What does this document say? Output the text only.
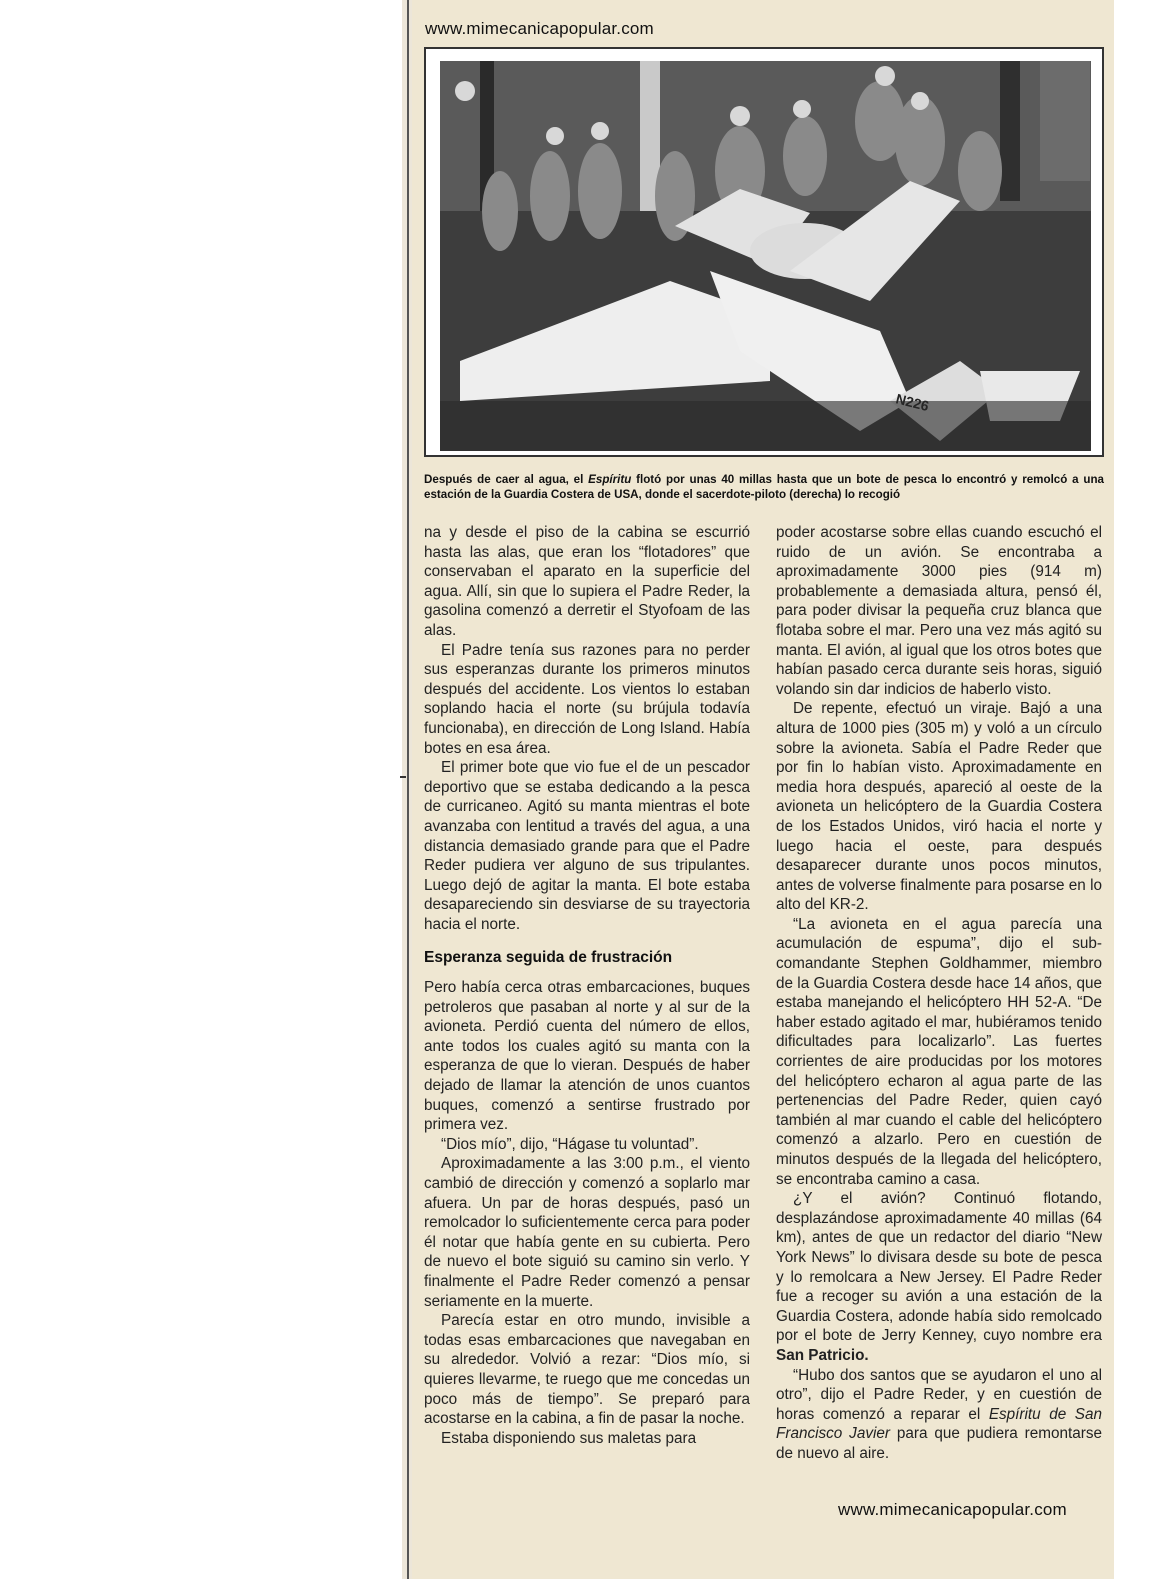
www.mimecanicapopular.com
Después de caer al agua, el Espíritu flotó por unas 40 millas hasta que un bote de pesca lo encontró y remolcó a una estación de la Guardia Costera de USA, donde el sacerdote-piloto (derecha) lo recogió

na y desde el piso de la cabina se escurrió hasta las alas, que eran los “flotadores” que conservaban el aparato en la superficie del agua. Allí, sin que lo supiera el Padre Reder, la gasolina comenzó a derretir el Styofoam de las alas.

El Padre tenía sus razones para no perder sus esperanzas durante los primeros minutos después del accidente. Los vientos lo estaban soplando hacia el norte (su brújula todavía funcionaba), en dirección de Long Island. Había botes en esa área.

El primer bote que vio fue el de un pescador deportivo que se estaba dedicando a la pesca de curricaneo. Agitó su manta mientras el bote avanzaba con lentitud a través del agua, a una distancia demasiado grande para que el Padre Reder pudiera ver alguno de sus tripulantes. Luego dejó de agitar la manta. El bote estaba desapareciendo sin desviarse de su trayectoria hacia el norte.

Esperanza seguida de frustración

Pero había cerca otras embarcaciones, buques petroleros que pasaban al norte y al sur de la avioneta. Perdió cuenta del número de ellos, ante todos los cuales agitó su manta con la esperanza de que lo vieran. Después de haber dejado de llamar la atención de unos cuantos buques, comenzó a sentirse frustrado por primera vez.

“Dios mío”, dijo, “Hágase tu voluntad”.

Aproximadamente a las 3:00 p.m., el viento cambió de dirección y comenzó a soplarlo mar afuera. Un par de horas después, pasó un remolcador lo suficientemente cerca para poder él notar que había gente en su cubierta. Pero de nuevo el bote siguió su camino sin verlo. Y finalmente el Padre Reder comenzó a pensar seriamente en la muerte.

Parecía estar en otro mundo, invisible a todas esas embarcaciones que navegaban en su alrededor. Volvió a rezar: “Dios mío, si quieres llevarme, te ruego que me concedas un poco más de tiempo”. Se preparó para acostarse en la cabina, a fin de pasar la noche.

Estaba disponiendo sus maletas para

poder acostarse sobre ellas cuando escuchó el ruido de un avión. Se encontraba a aproximadamente 3000 pies (914 m) probablemente a demasiada altura, pensó él, para poder divisar la pequeña cruz blanca que flotaba sobre el mar. Pero una vez más agitó su manta. El avión, al igual que los otros botes que habían pasado cerca durante seis horas, siguió volando sin dar indicios de haberlo visto.

De repente, efectuó un viraje. Bajó a una altura de 1000 pies (305 m) y voló a un círculo sobre la avioneta. Sabía el Padre Reder que por fin lo habían visto. Aproximadamente en media hora después, apareció al oeste de la avioneta un helicóptero de la Guardia Costera de los Estados Unidos, viró hacia el norte y luego hacia el oeste, para después desaparecer durante unos pocos minutos, antes de volverse finalmente para posarse en lo alto del KR-2.

“La avioneta en el agua parecía una acumulación de espuma”, dijo el sub-comandante Stephen Goldhammer, miembro de la Guardia Costera desde hace 14 años, que estaba manejando el helicóptero HH 52-A. “De haber estado agitado el mar, hubiéramos tenido dificultades para localizarlo”. Las fuertes corrientes de aire producidas por los motores del helicóptero echaron al agua parte de las pertenencias del Padre Reder, quien cayó también al mar cuando el cable del helicóptero comenzó a alzarlo. Pero en cuestión de minutos después de la llegada del helicóptero, se encontraba camino a casa.

¿Y el avión? Continuó flotando, desplazándose aproximadamente 40 millas (64 km), antes de que un redactor del diario “New York News” lo divisara desde su bote de pesca y lo remolcara a New Jersey. El Padre Reder fue a recoger su avión a una estación de la Guardia Costera, adonde había sido remolcado por el bote de Jerry Kenney, cuyo nombre era San Patricio.

“Hubo dos santos que se ayudaron el uno al otro”, dijo el Padre Reder, y en cuestión de horas comenzó a reparar el Espíritu de San Francisco Javier para que pudiera remontarse de nuevo al aire.

www.mimecanicapopular.com
